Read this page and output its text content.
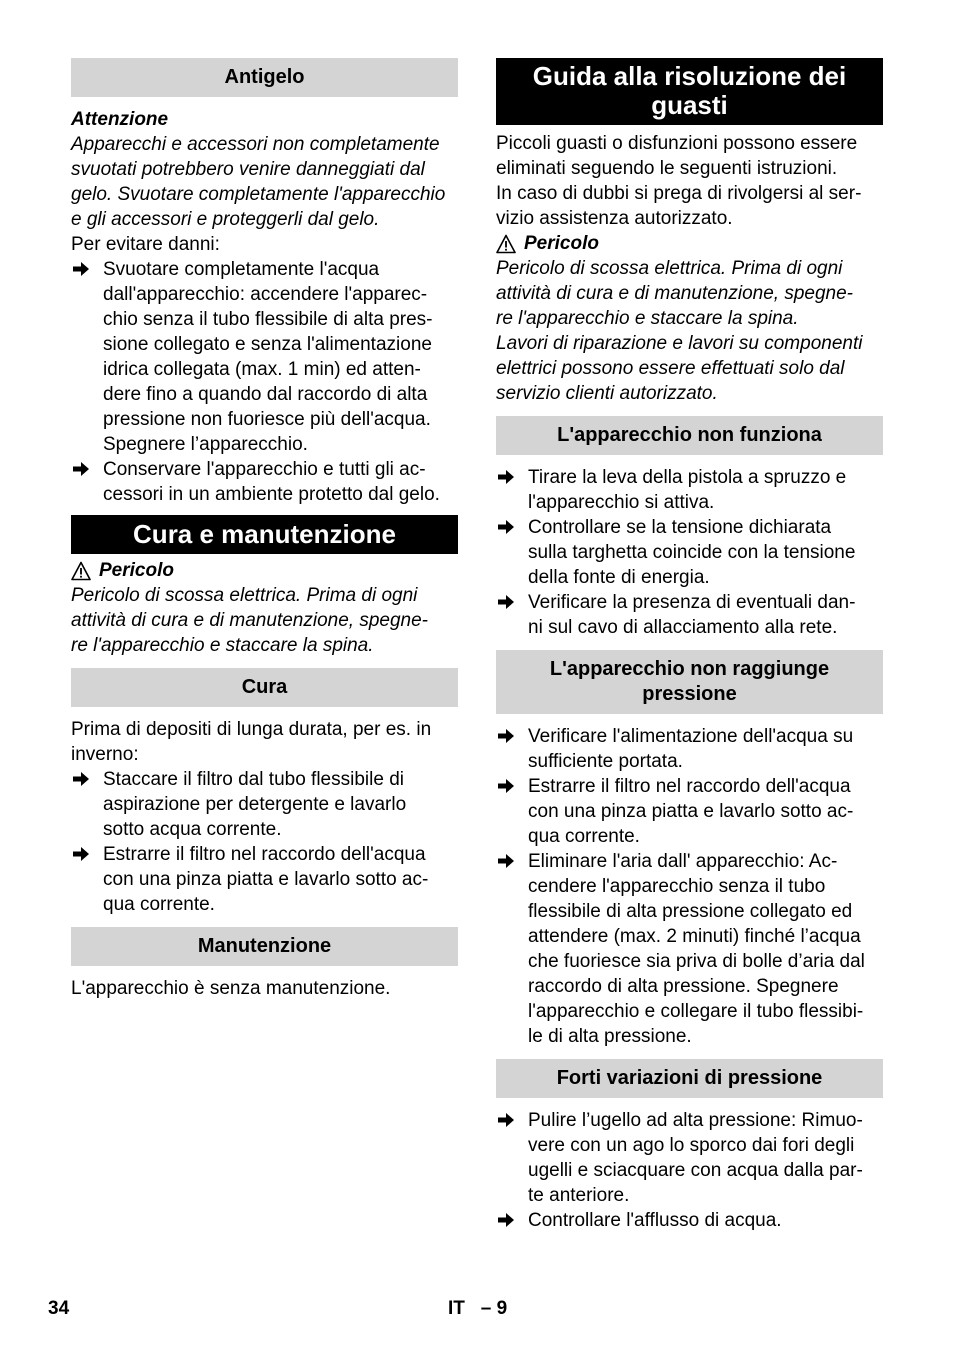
Antigelo
Attenzione
Apparecchi e accessori non completamente
svuotati potrebbero venire danneggiati dal
gelo. Svuotare completamente l'apparecchio
e gli accessori e proteggerli dal gelo.
Per evitare danni:
Svuotare completamente l'acqua
dall'apparecchio: accendere l'apparec-
chio senza il tubo flessibile di alta pres-
sione collegato e senza l'alimentazione
idrica collegata (max. 1 min) ed atten-
dere fino a quando dal raccordo di alta
pressione non fuoriesce più dell'acqua.
Spegnere l’apparecchio.
Conservare l'apparecchio e tutti gli ac-
cessori in un ambiente protetto dal gelo.
Cura e manutenzione
Pericolo
Pericolo di scossa elettrica. Prima di ogni
attività di cura e di manutenzione, spegne-
re l'apparecchio e staccare la spina.
Cura
Prima di depositi di lunga durata, per es. in
inverno:
Staccare il filtro dal tubo flessibile di
aspirazione per detergente e lavarlo
sotto acqua corrente.
Estrarre il filtro nel raccordo dell'acqua
con una pinza piatta e lavarlo sotto ac-
qua corrente.
Manutenzione
L'apparecchio è senza manutenzione.
Guida alla risoluzione dei
guasti
Piccoli guasti o disfunzioni possono essere
eliminati seguendo le seguenti istruzioni.
In caso di dubbi si prega di rivolgersi al ser-
vizio assistenza autorizzato.
Pericolo
Pericolo di scossa elettrica. Prima di ogni
attività di cura e di manutenzione, spegne-
re l'apparecchio e staccare la spina.
Lavori di riparazione e lavori su componenti
elettrici possono essere effettuati solo dal
servizio clienti autorizzato.
L'apparecchio non funziona
Tirare la leva della pistola a spruzzo e
l'apparecchio si attiva.
Controllare se la tensione dichiarata
sulla targhetta coincide con la tensione
della fonte di energia.
Verificare la presenza di eventuali dan-
ni sul cavo di allacciamento alla rete.
L'apparecchio non raggiunge
pressione
Verificare l'alimentazione dell'acqua su
sufficiente portata.
Estrarre il filtro nel raccordo dell'acqua
con una pinza piatta e lavarlo sotto ac-
qua corrente.
Eliminare l'aria dall' apparecchio: Ac-
cendere l'apparecchio senza il tubo
flessibile di alta pressione collegato ed
attendere (max. 2 minuti) finché l’acqua
che fuoriesce sia priva di bolle d’aria dal
raccordo di alta pressione. Spegnere
l'apparecchio e collegare il tubo flessibi-
le di alta pressione.
Forti variazioni di pressione
Pulire l’ugello ad alta pressione: Rimuo-
vere con un ago lo sporco dai fori degli
ugelli e sciacquare con acqua dalla par-
te anteriore.
Controllare l'afflusso di acqua.
34	IT   – 9
